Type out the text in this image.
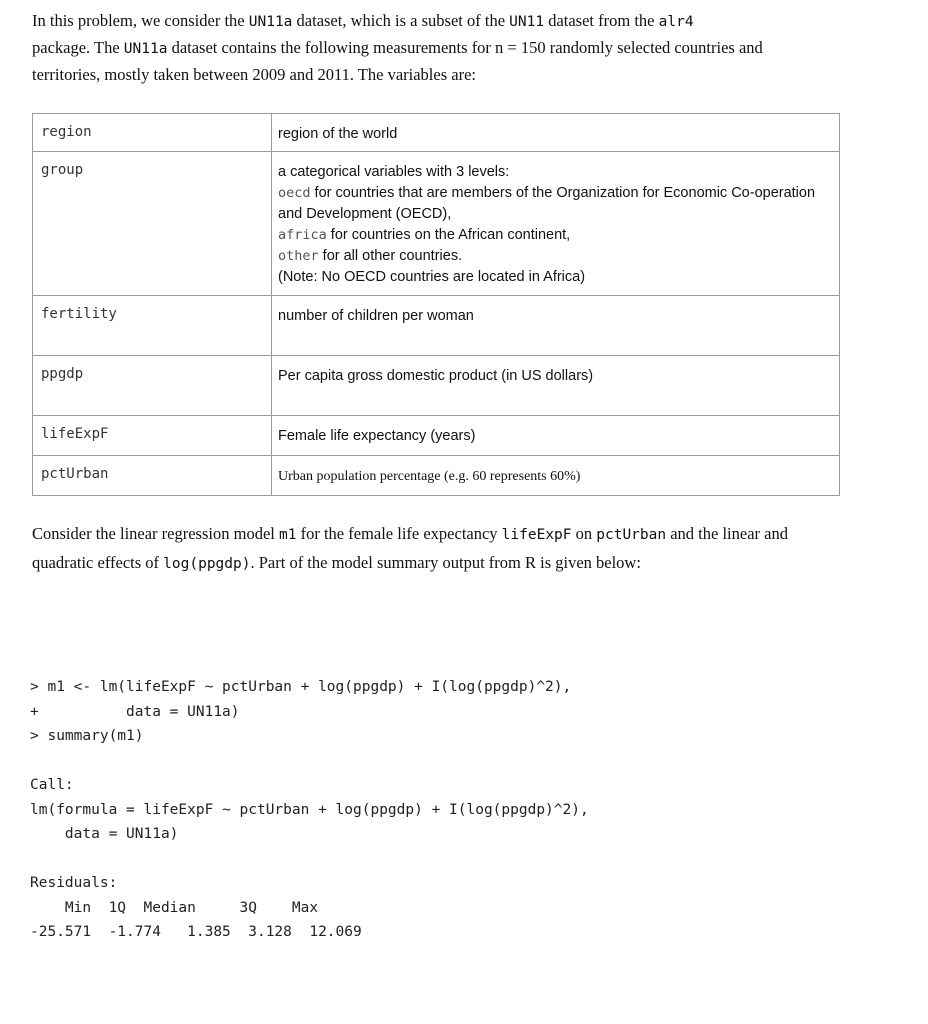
In this problem, we consider the UN11a dataset, which is a subset of the UN11 dataset from the alr4
package. The UN11a dataset contains the following measurements for n = 150 randomly selected countries and territories, mostly taken between 2009 and 2011. The variables are:
region	region of the world
group	a categorical variables with 3 levels:
oecd for countries that are members of the Organization for Economic Co-operation and Development (OECD),
africa for countries on the African continent,
other for all other countries.
(Note: No OECD countries are located in Africa)
fertility	number of children per woman
ppgdp	Per capita gross domestic product (in US dollars)
lifeExpF	Female life expectancy (years)
pctUrban	Urban population percentage (e.g. 60 represents 60%)
Consider the linear regression model m1 for the female life expectancy lifeExpF on pctUrban and the linear and quadratic effects of log(ppgdp). Part of the model summary output from R is given below:
> m1 <- lm(lifeExpF ~ pctUrban + log(ppgdp) + I(log(ppgdp)^2),
+          data = UN11a)
> summary(m1)

Call:
lm(formula = lifeExpF ~ pctUrban + log(ppgdp) + I(log(ppgdp)^2),
data = UN11a)

Residuals:
Min  1Q  Median     3Q    Max
-25.571  -1.774   1.385  3.128  12.069
